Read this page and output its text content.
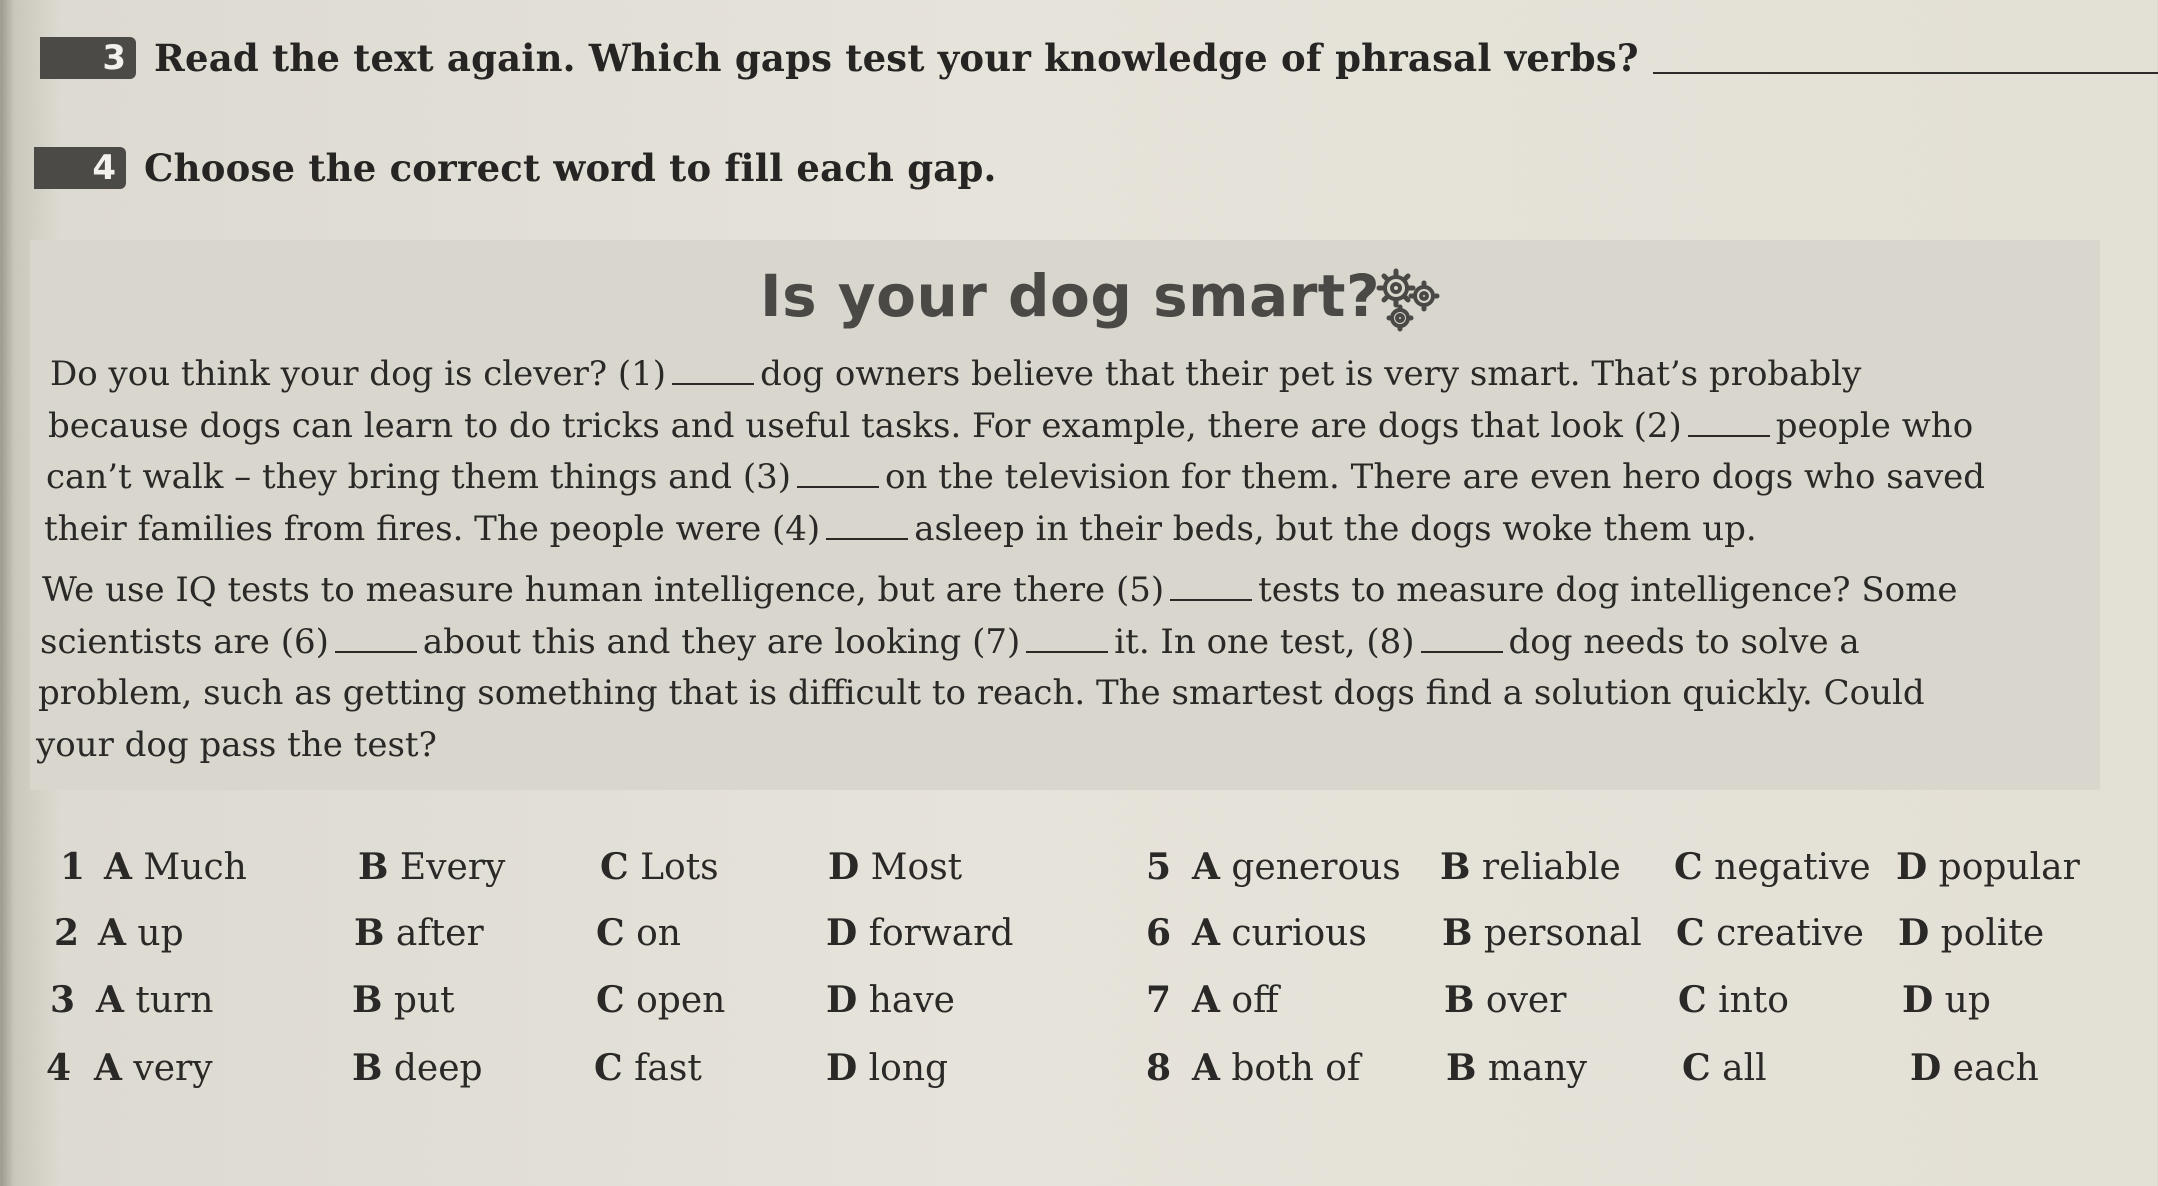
3 Read the text again. Which gaps test your knowledge of phrasal verbs?
4 Choose the correct word to fill each gap.
Is your dog smart?
Do you think your dog is clever? (1)	dog owners believe that their pet is very smart. That’s probably
because dogs can learn to do tricks and useful tasks. For example, there are dogs that look (2)	people who
can’t walk – they bring them things and (3)	on the television for them. There are even hero dogs who saved
their families from fires. The people were (4)	asleep in their beds, but the dogs woke them up.
We use IQ tests to measure human intelligence, but are there (5)	tests to measure dog intelligence? Some
scientists are (6)	about this and they are looking (7)	it. In one test, (8)	dog needs to solve a
problem, such as getting something that is difficult to reach. The smartest dogs find a solution quickly. Could
your dog pass the test?
1 A Much	B Every	C Lots	D Most
2 A up	B after	C on	D forward
3 A turn	B put	C open	D have
4 A very	B deep	C fast	D long
5 A generous B reliable C negative D popular
6 A curious B personal C creative D polite
7 A off	B over	C into	D up
8 A both of B many	C all	D each
